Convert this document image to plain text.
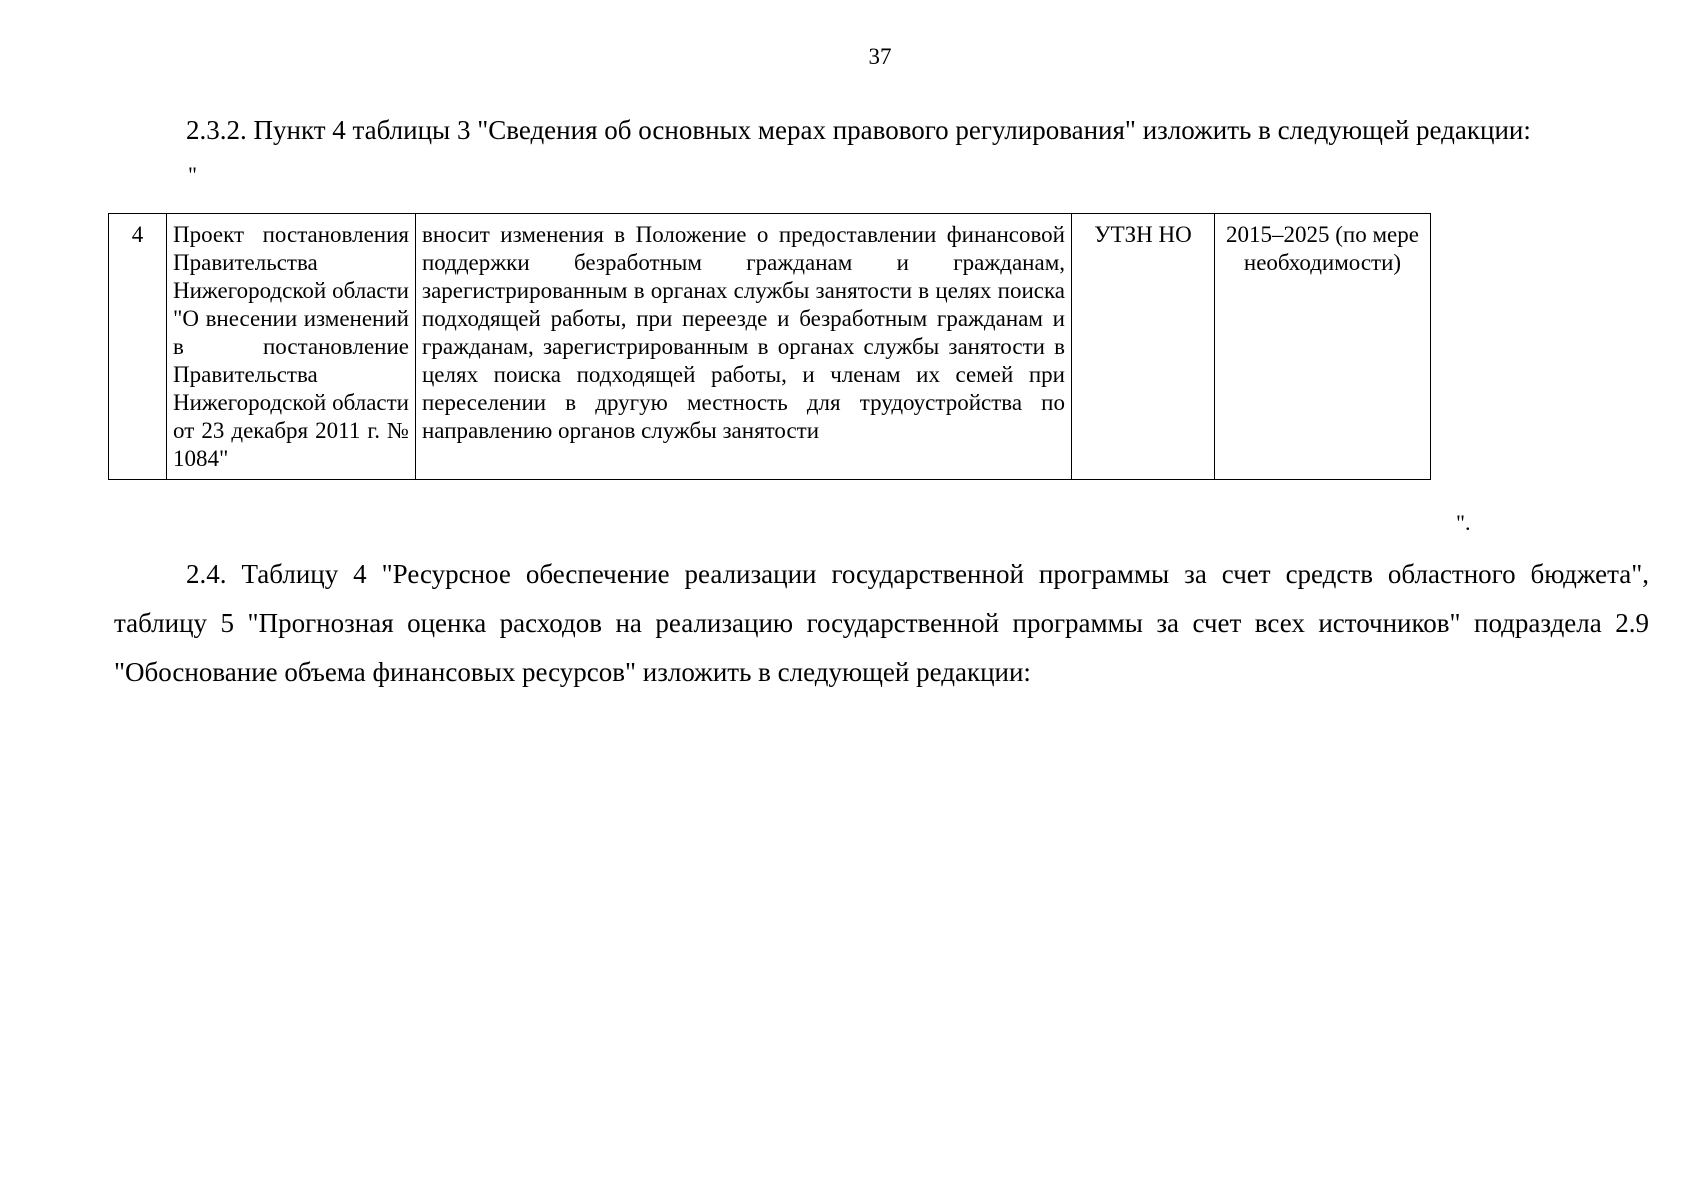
37
2.3.2. Пункт 4 таблицы 3 "Сведения об основных мерах правового регулирования" изложить в следующей редакции:
"
4	Проект постановления Правительства Нижегородской области "О внесении изменений в постановление Правительства Нижегородской области от 23 декабря 2011 г. № 1084"	вносит изменения в Положение о предоставлении финансовой поддержки безработным гражданам и гражданам, зарегистрированным в органах службы занятости в целях поиска подходящей работы, при переезде и безработным гражданам и гражданам, зарегистрированным в органах службы занятости в целях поиска подходящей работы, и членам их семей при переселении в другую местность для трудоустройства по направлению органов службы занятости	УТЗН НО	2015–2025 (по мере необходимости)
".
2.4. Таблицу 4 "Ресурсное обеспечение реализации государственной программы за счет средств областного бюджета", таблицу 5 "Прогнозная оценка расходов на реализацию государственной программы за счет всех источников" подраздела 2.9 "Обоснование объема финансовых ресурсов" изложить в следующей редакции:
